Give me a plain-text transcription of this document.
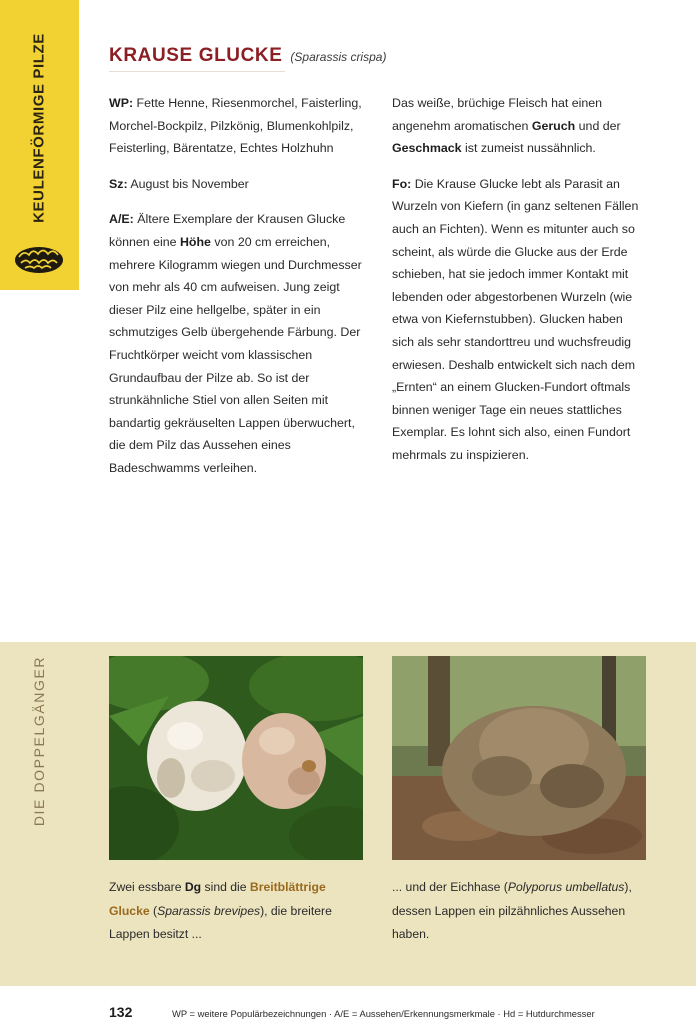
KEULENFÖRMIGE PILZE	KRAUSE GLUCKE (Sparassis crispa)

WP: Fette Henne, Riesenmorchel, Faisterling, Morchel-Bockpilz, Pilzkönig, Blumenkohlpilz, Feisterling, Bärentatze, Echtes Holzhuhn

Sz: August bis November

A/E: Ältere Exemplare der Krausen Glucke können eine Höhe von 20 cm erreichen, mehrere Kilogramm wiegen und Durchmesser von mehr als 40 cm aufweisen. Jung zeigt dieser Pilz eine hellgelbe, später in ein schmutziges Gelb übergehende Färbung. Der Fruchtkörper weicht vom klassischen Grundaufbau der Pilze ab. So ist der strunkähnliche Stiel von allen Seiten mit bandartig gekräuselten Lappen überwuchert, die dem Pilz das Aussehen eines Badeschwamms verleihen.

Das weiße, brüchige Fleisch hat einen angenehm aromatischen Geruch und der Geschmack ist zumeist nussähnlich.

Fo: Die Krause Glucke lebt als Parasit an Wurzeln von Kiefern (in ganz seltenen Fällen auch an Fichten). Wenn es mitunter auch so scheint, als würde die Glucke aus der Erde schieben, hat sie jedoch immer Kontakt mit lebenden oder abgestorbenen Wurzeln (wie etwa von Kiefernstubben). Glucken haben sich als sehr standorttreu und wuchsfreudig erwiesen. Deshalb entwickelt sich nach dem „Ernten“ an einem Glucken-Fundort oftmals binnen weniger Tage ein neues stattliches Exemplar. Es lohnt sich also, einen Fundort mehrmals zu inspizieren.

DIE DOPPELGÄNGER
Zwei essbare Dg sind die Breitblättrige Glucke (Sparassis brevipes), die breitere Lappen besitzt ...
... und der Eichhase (Polyporus umbellatus), dessen Lappen ein pilzähnliches Aussehen haben.
132	WP = weitere Populärbezeichnungen · A/E = Aussehen/Erkennungsmerkmale · Hd = Hutdurchmesser
